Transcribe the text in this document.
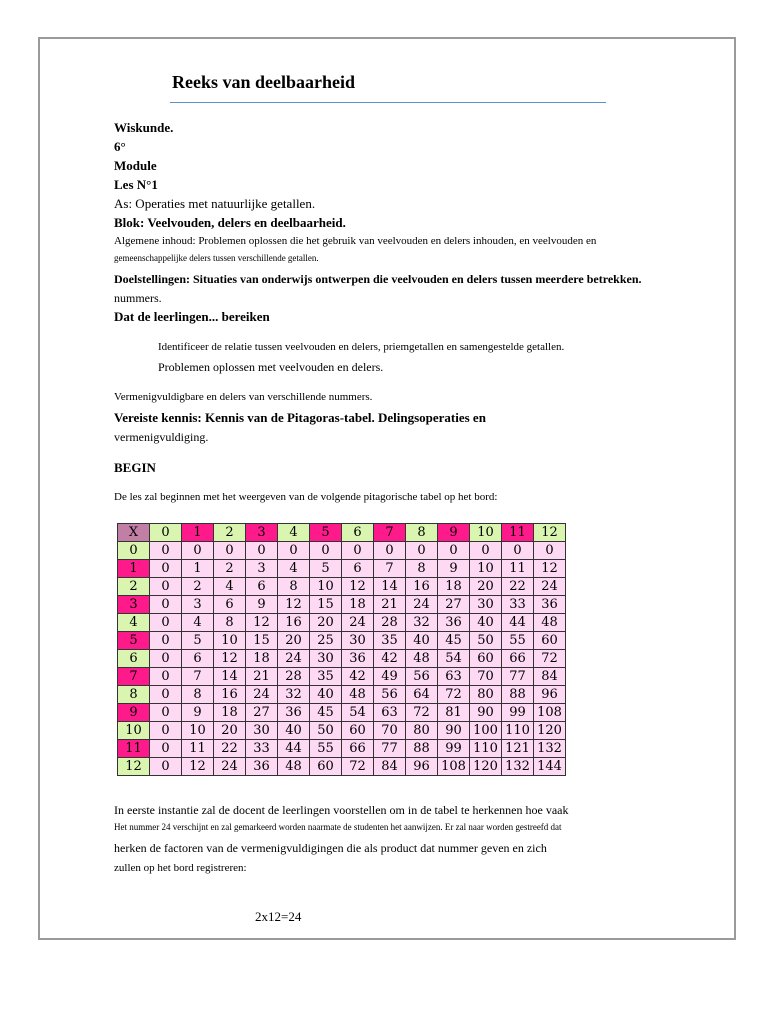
Reeks van deelbaarheid
Wiskunde.
6°
Module
Les N°1
As: Operaties met natuurlijke getallen.
Blok: Veelvouden, delers en deelbaarheid.
Algemene inhoud: Problemen oplossen die het gebruik van veelvouden en delers inhouden, en veelvouden en
gemeenschappelijke delers tussen verschillende getallen.
Doelstellingen: Situaties van onderwijs ontwerpen die veelvouden en delers tussen meerdere betrekken.
nummers.
Dat de leerlingen... bereiken
Identificeer de relatie tussen veelvouden en delers, priemgetallen en samengestelde getallen.
Problemen oplossen met veelvouden en delers.
Vermenigvuldigbare en delers van verschillende nummers.
Vereiste kennis: Kennis van de Pitagoras-tabel. Delingsoperaties en
vermenigvuldiging.
BEGIN
De les zal beginnen met het weergeven van de volgende pitagorische tabel op het bord:
X	0	1	2	3	4	5	6	7	8	9	10	11	12
0	0	0	0	0	0	0	0	0	0	0	0	0	0
1	0	1	2	3	4	5	6	7	8	9	10	11	12
2	0	2	4	6	8	10	12	14	16	18	20	22	24
3	0	3	6	9	12	15	18	21	24	27	30	33	36
4	0	4	8	12	16	20	24	28	32	36	40	44	48
5	0	5	10	15	20	25	30	35	40	45	50	55	60
6	0	6	12	18	24	30	36	42	48	54	60	66	72
7	0	7	14	21	28	35	42	49	56	63	70	77	84
8	0	8	16	24	32	40	48	56	64	72	80	88	96
9	0	9	18	27	36	45	54	63	72	81	90	99	108
10	0	10	20	30	40	50	60	70	80	90	100	110	120
11	0	11	22	33	44	55	66	77	88	99	110	121	132
12	0	12	24	36	48	60	72	84	96	108	120	132	144
In eerste instantie zal de docent de leerlingen voorstellen om in de tabel te herkennen hoe vaak
Het nummer 24 verschijnt en zal gemarkeerd worden naarmate de studenten het aanwijzen. Er zal naar worden gestreefd dat
herken de factoren van de vermenigvuldigingen die als product dat nummer geven en zich
zullen op het bord registreren:
2x12=24
